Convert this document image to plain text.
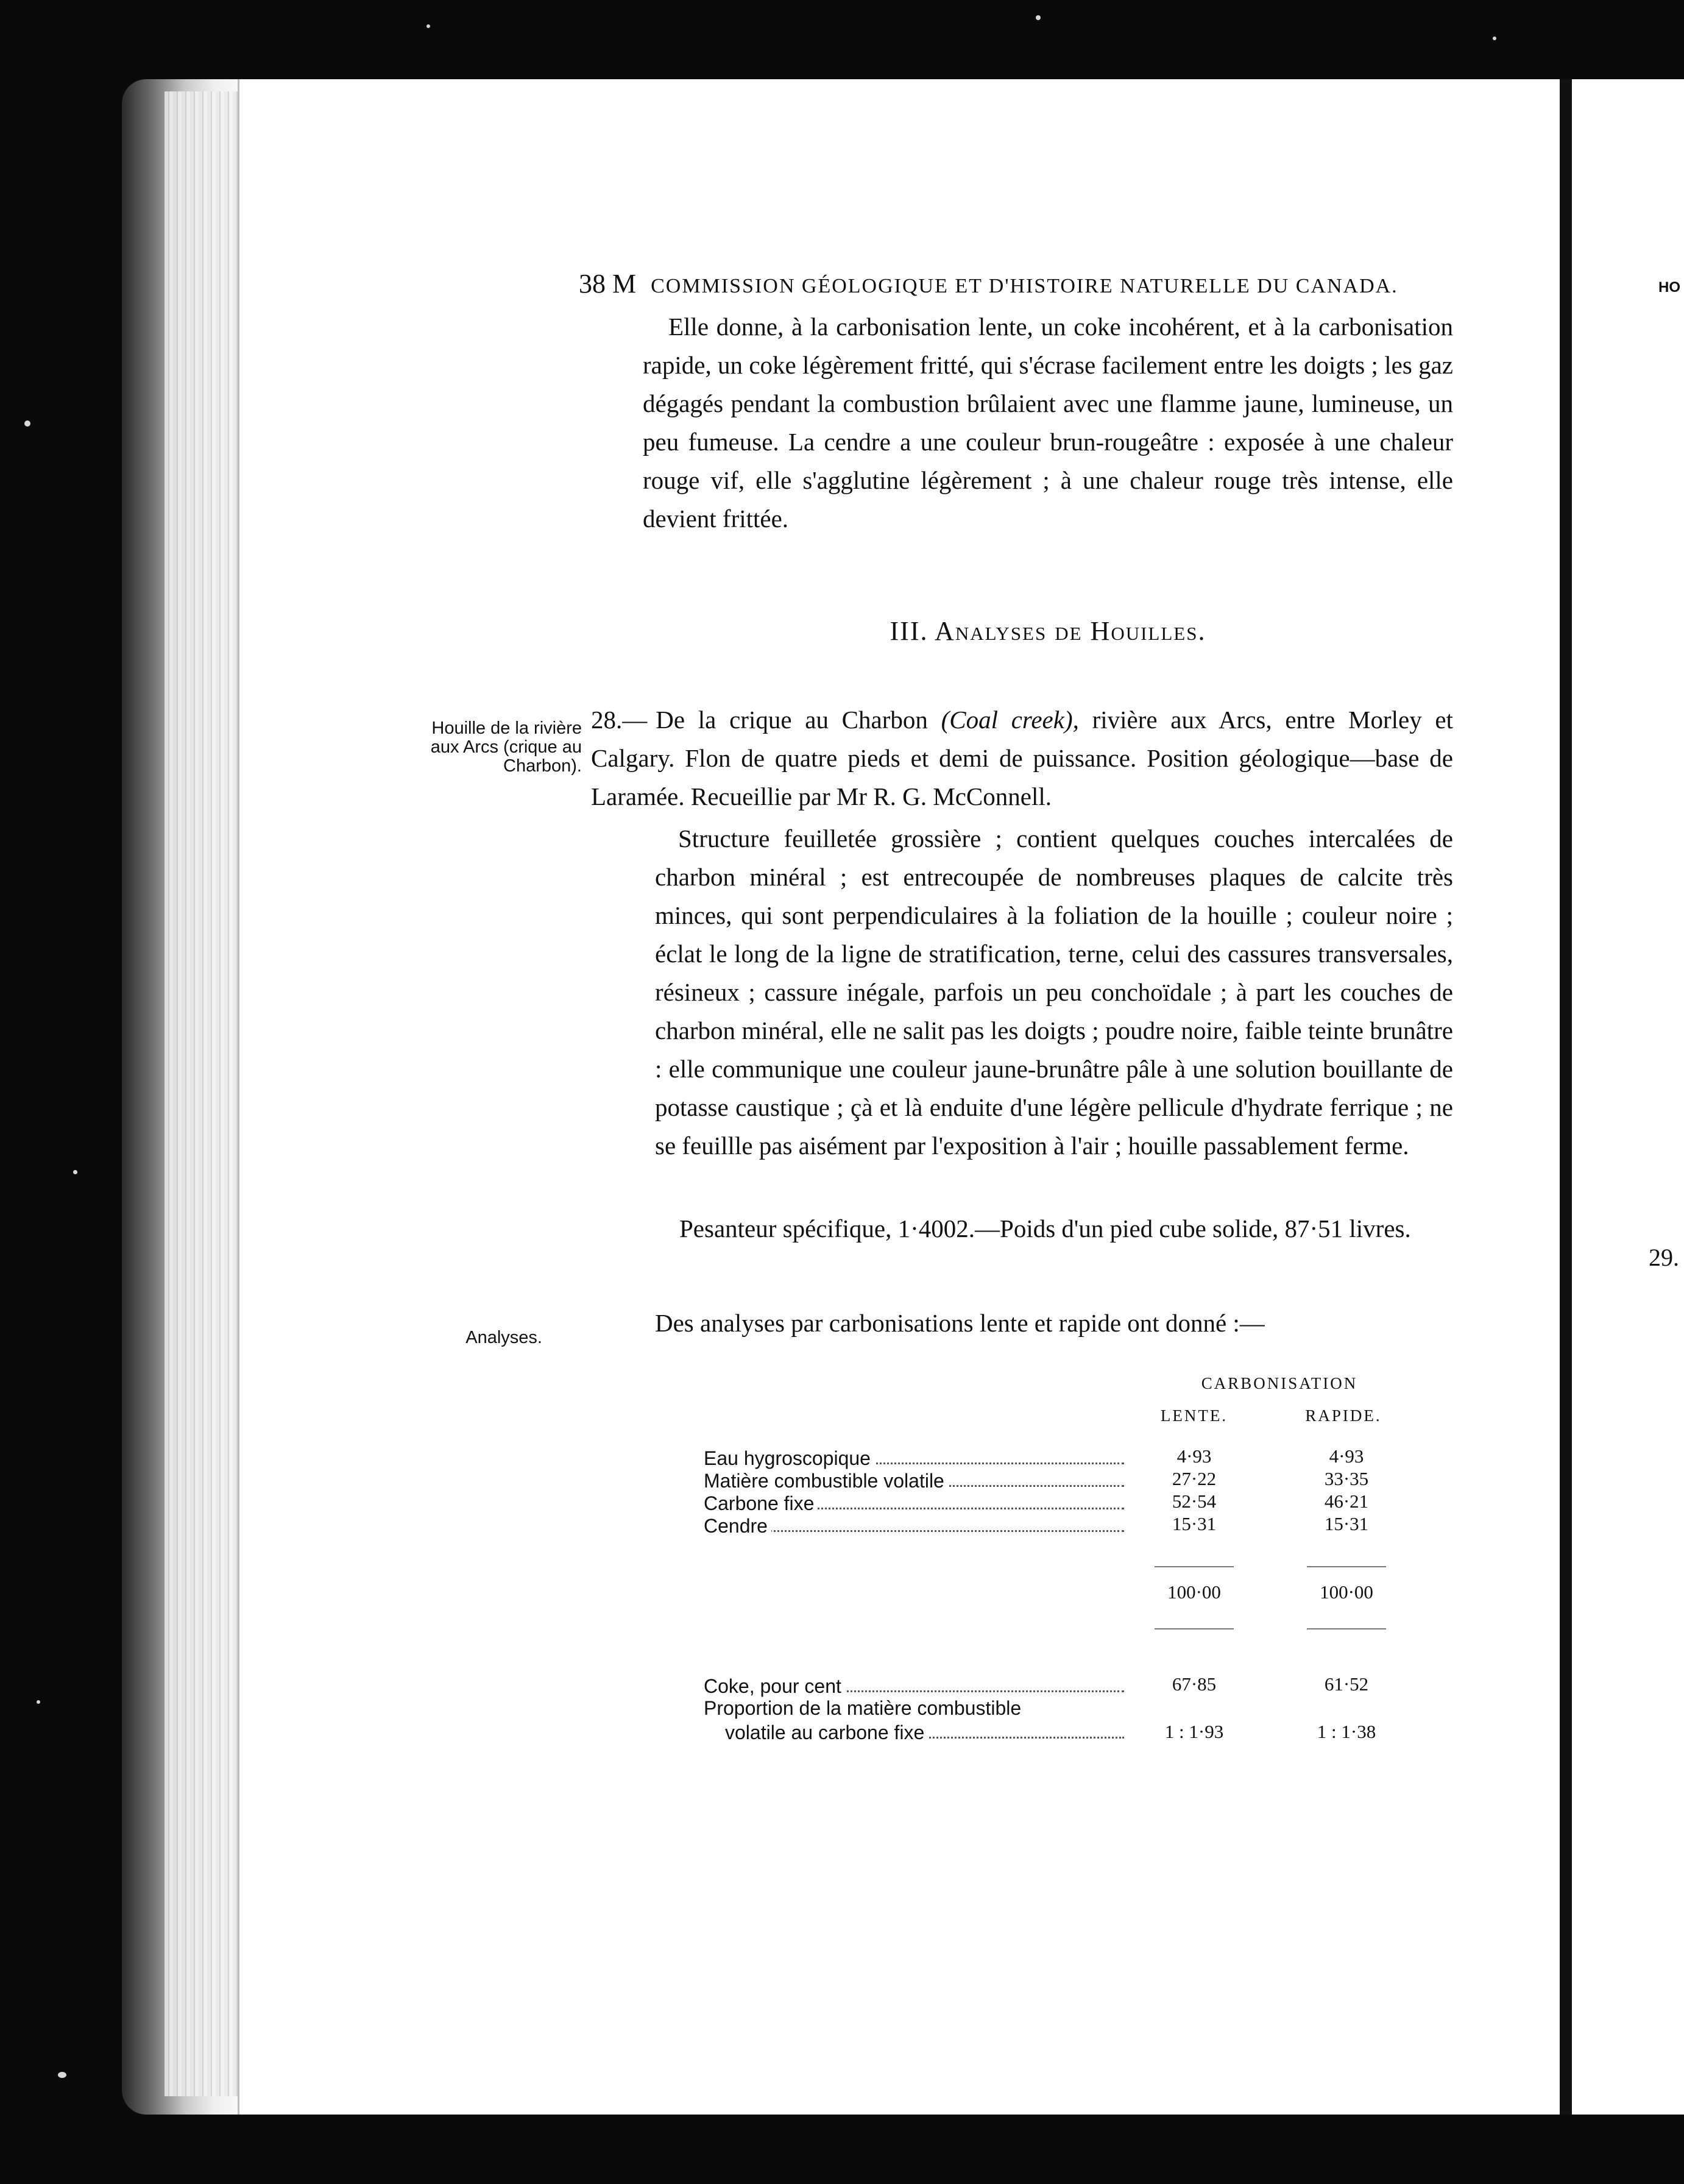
HO
29.
38 M COMMISSION GÉOLOGIQUE ET D'HISTOIRE NATURELLE DU CANADA.
Elle donne, à la carbonisation lente, un coke incohérent, et à la carbonisation rapide, un coke légèrement fritté, qui s'écrase facilement entre les doigts ; les gaz dégagés pendant la combustion brûlaient avec une flamme jaune, lumineuse, un peu fumeuse. La cendre a une couleur brun-rougeâtre : exposée à une chaleur rouge vif, elle s'agglutine légèrement ; à une chaleur rouge très intense, elle devient frittée.
III. Analyses de Houilles.
Houille de la rivière aux Arcs (crique au Charbon).
Analyses.
28.— De la crique au Charbon (Coal creek), rivière aux Arcs, entre Morley et Calgary. Flon de quatre pieds et demi de puissance. Position géologique—base de Laramée. Recueillie par Mr R. G. McConnell.
Structure feuilletée grossière ; contient quelques couches intercalées de charbon minéral ; est entrecoupée de nombreuses plaques de calcite très minces, qui sont perpendiculaires à la foliation de la houille ; couleur noire ; éclat le long de la ligne de stratification, terne, celui des cassures transversales, résineux ; cassure inégale, parfois un peu conchoïdale ; à part les couches de charbon minéral, elle ne salit pas les doigts ; poudre noire, faible teinte brunâtre : elle communique une couleur jaune-brunâtre pâle à une solution bouillante de potasse caustique ; çà et là enduite d'une légère pellicule d'hydrate ferrique ; ne se feuillle pas aisément par l'exposition à l'air ; houille passablement ferme.
Pesanteur spécifique, 1·4002.—Poids d'un pied cube solide, 87·51 livres.
Des analyses par carbonisations lente et rapide ont donné :—
CARBONISATION
LENTE.	RAPIDE.
Eau hygroscopique	4·93	4·93
Matière combustible volatile	27·22	33·35
Carbone fixe	52·54	46·21
Cendre	15·31	15·31
100·00	100·00
Coke, pour cent	67·85	61·52
Proportion de la matière combustible
volatile au carbone fixe	1 : 1·93	1 : 1·38
